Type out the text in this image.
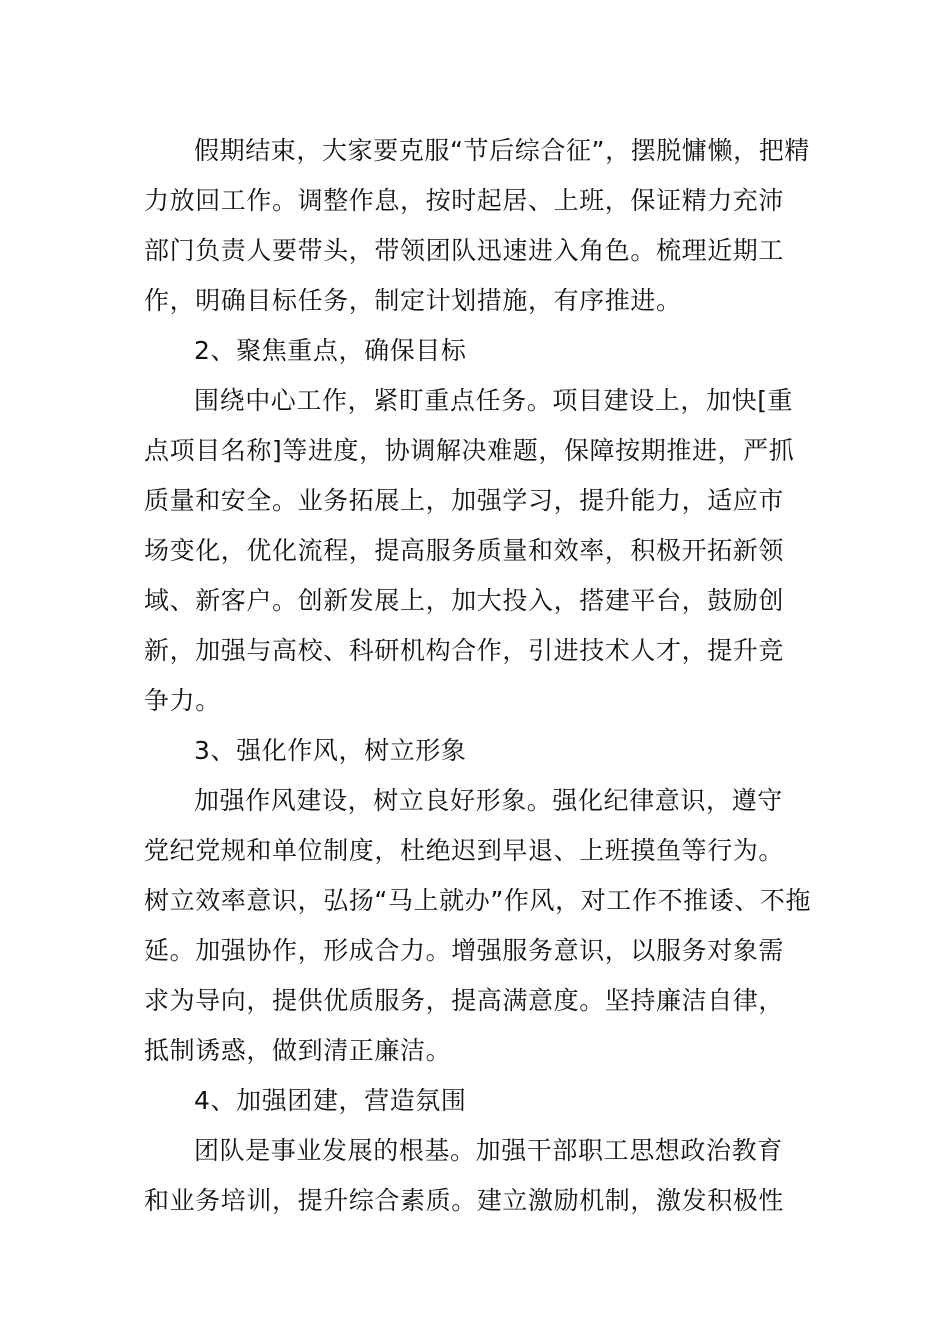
假期结束，大家要克服“节后综合征”，摆脱慵懒，把精
力放回工作。调整作息，按时起居、上班，保证精力充沛
部门负责人要带头，带领团队迅速进入角色。梳理近期工
作，明确目标任务，制定计划措施，有序推进。
2、聚焦重点，确保目标
围绕中心工作，紧盯重点任务。项目建设上，加快[重
点项目名称]等进度，协调解决难题，保障按期推进，严抓
质量和安全。业务拓展上，加强学习，提升能力，适应市
场变化，优化流程，提高服务质量和效率，积极开拓新领
域、新客户。创新发展上，加大投入，搭建平台，鼓励创
新，加强与高校、科研机构合作，引进技术人才，提升竞
争力。
3、强化作风，树立形象
加强作风建设，树立良好形象。强化纪律意识，遵守
党纪党规和单位制度，杜绝迟到早退、上班摸鱼等行为。
树立效率意识，弘扬“马上就办”作风，对工作不推诿、不拖
延。加强协作，形成合力。增强服务意识，以服务对象需
求为导向，提供优质服务，提高满意度。坚持廉洁自律，
抵制诱惑，做到清正廉洁。
4、加强团建，营造氛围
团队是事业发展的根基。加强干部职工思想政治教育
和业务培训，提升综合素质。建立激励机制，激发积极性
